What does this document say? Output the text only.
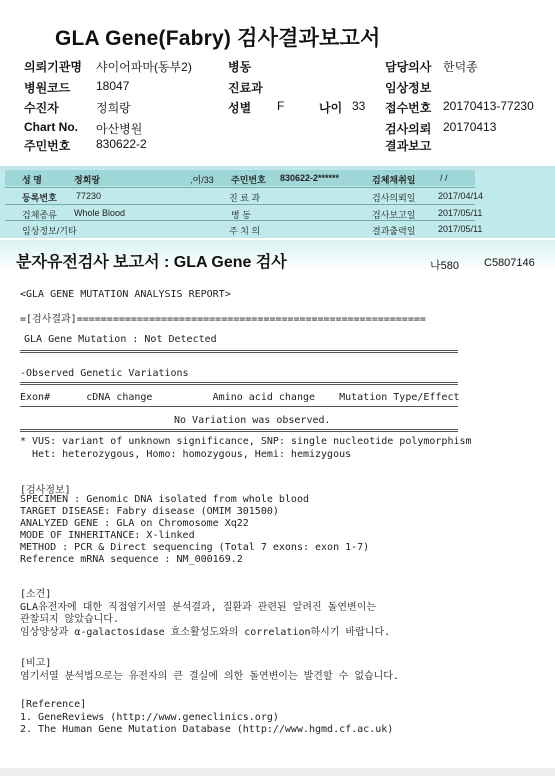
GLA Gene(Fabry) 검사결과보고서
의뢰기관명 샤이어파마(동부2)	병동	담당의사 한덕종
병원코드 18047	진료과	임상정보
수진자	정희랑	성별 F	나이 33 접수번호 20170413-77230
Chart No. 아산병원	검사의뢰 20170413
주민번호 830622-2	결과보고
성 명	정희랑	,여/33 주민번호 830622-2******	검체채취일	/ /
등록번호 77230	진 료 과	검사의뢰일	2017/04/14
검체종류 Whole Blood	병 동	검사보고일	2017/05/11
임상정보/기타	주 치 의	결과출력일	2017/05/11
분자유전검사 보고서 : GLA Gene 검사	나580 C5807146
<GLA GENE MUTATION ANALYSIS REPORT>
=[검사결과]==========================================================
GLA Gene Mutation : Not Detected
-Observed Genetic Variations
Exon#      cDNA change          Amino acid change    Mutation Type/Effect
No Variation was observed.
* VUS: variant of unknown significance, SNP: single nucleotide polymorphism
Het: heterozygous, Homo: homozygous, Hemi: hemizygous
[검사정보]
SPECIMEN : Genomic DNA isolated from whole blood
TARGET DISEASE: Fabry disease (OMIM 301500)
ANALYZED GENE : GLA on Chromosome Xq22
MODE OF INHERITANCE: X-linked
METHOD : PCR & Direct sequencing (Total 7 exons: exon 1-7)
Reference mRNA sequence : NM_000169.2
[소견]
GLA유전자에 대한 직접염기서열 분석결과, 질환과 관련된 알려진 돌연변이는
관찰되지 않았습니다.
임상양상과 α-galactosidase 효소활성도와의 correlation하시기 바랍니다.
[비고]
염기서열 분석법으로는 유전자의 큰 결실에 의한 돌연변이는 발견할 수 없습니다.
[Reference]
1. GeneReviews (http://www.geneclinics.org)
2. The Human Gene Mutation Database (http://www.hgmd.cf.ac.uk)
